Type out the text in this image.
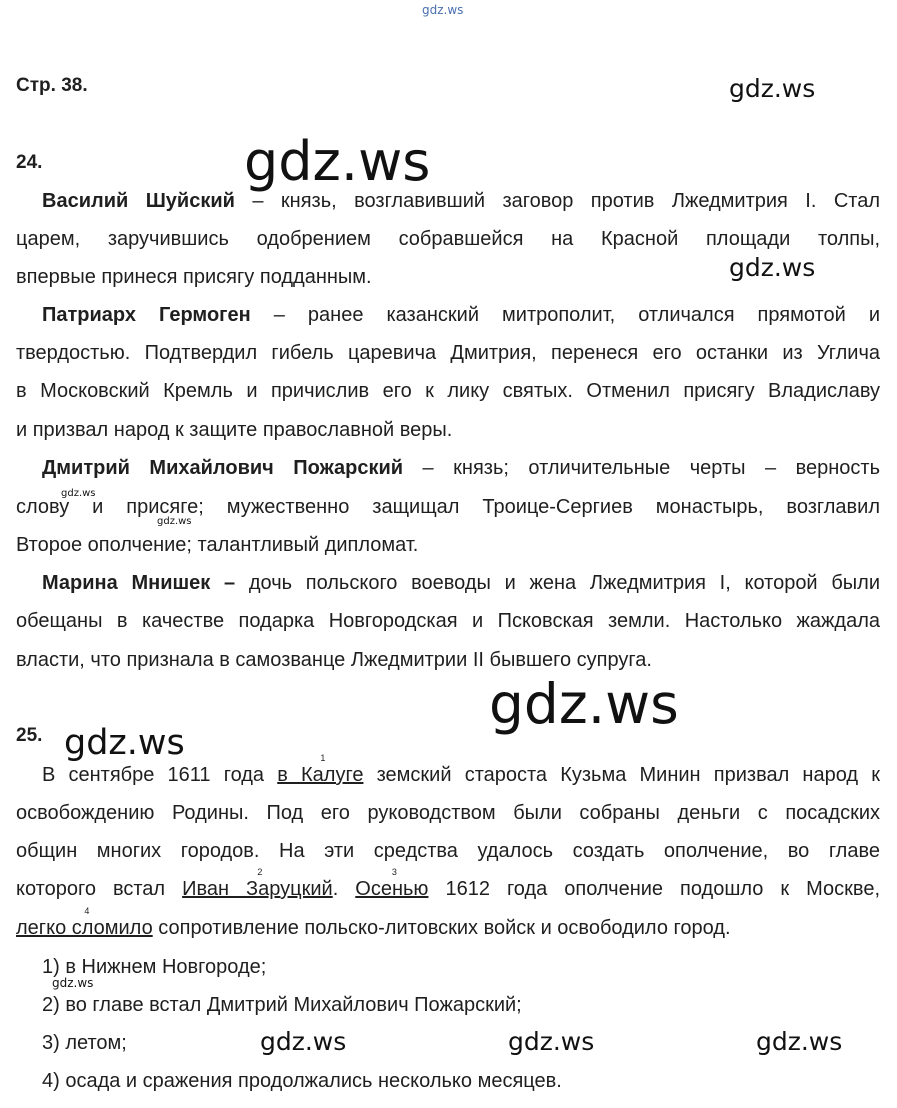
gdz.ws
gdz.ws
gdz.ws
gdz.ws
gdz.ws
gdz.ws
gdz.ws
gdz.ws
gdz.ws
gdz.ws	gdz.ws	gdz.ws
Стр. 38.
24.
Василий Шуйский – князь, возглавивший заговор против Лжедмитрия I. Стал
царем, заручившись одобрением собравшейся на Красной площади толпы,
впервые принеся присягу подданным.
Патриарх Гермоген – ранее казанский митрополит, отличался прямотой и
твердостью. Подтвердил гибель царевича Дмитрия, перенеся его останки из Углича
в Московский Кремль и причислив его к лику святых. Отменил присягу Владиславу
и призвал народ к защите православной веры.
Дмитрий Михайлович Пожарский – князь; отличительные черты – верность
слову и присяге; мужественно защищал Троице-Сергиев монастырь, возглавил
Второе ополчение; талантливый дипломат.
Марина Мнишек – дочь польского воеводы и жена Лжедмитрия I, которой были
обещаны в качестве подарка Новгородская и Псковская земли. Настолько жаждала
власти, что признала в самозванце Лжедмитрии II бывшего супруга.
25.
В сентябре 1611 года в Калуге
1
земский староста Кузьма Минин призвал народ к
освобождению Родины. Под его руководством были собраны деньги с посадских
общин многих городов. На эти средства удалось создать ополчение, во главе
которого встал Иван Заруцкий
2
. Осенью
3
1612 года ополчение подошло к Москве,
легко сломило
4
сопротивление польско-литовских войск и освободило город.
1) в Нижнем Новгороде;
2) во главе встал Дмитрий Михайлович Пожарский;
3) летом;
4) осада и сражения продолжались несколько месяцев.
